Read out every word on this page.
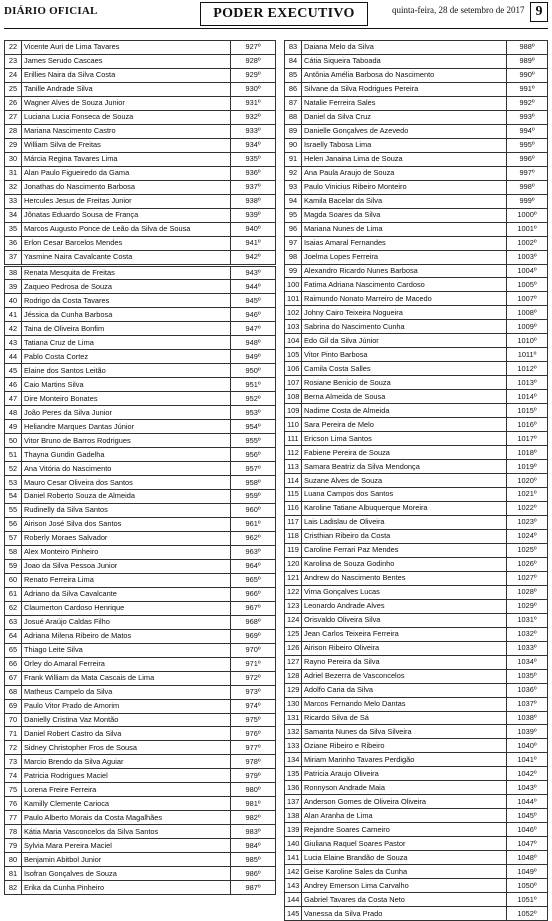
DIÁRIO OFICIAL	PODER EXECUTIVO	quinta-feira, 28 de setembro de 2017 9
22	Vicente Auri de Lima Tavares	927º
23	James Serudo Cascaes	928º
24	Erillies Naira da Silva Costa	929º
25	Tanille Andrade Silva	930º
26	Wagner Alves de Souza Junior	931º
27	Luciana Lucia Fonseca de Souza	932º
28	Mariana Nascimento Castro	933º
29	William Silva de Freitas	934º
30	Márcia Regina Tavares Lima	935º
31	Alan Paulo Figueiredo da Gama	936º
32	Jonathas do Nascimento Barbosa	937º
33	Hercules Jesus de Freitas Junior	938º
34	Jônatas Eduardo Sousa de França	939º
35	Marcos Augusto Ponce de Leão da Silva de Sousa	940º
36	Erlon Cesar Barcelos Mendes	941º
37	Yasmine Naira Cavalcante Costa	942º
38	Renata Mesquita de Freitas	943º
39	Zaqueo Pedrosa de Souza	944º
40	Rodrigo da Costa Tavares	945º
41	Jéssica da Cunha Barbosa	946º
42	Taina de Oliveira Bonfim	947º
43	Tatiana Cruz de Lima	948º
44	Pablo Costa Cortez	949º
45	Elaine dos Santos Leitão	950º
46	Caio Martins Silva	951º
47	Dire Monteiro Bonates	952º
48	João Peres da Silva Junior	953º
49	Heliandre Marques Dantas Júnior	954º
50	Vitor Bruno de Barros Rodrigues	955º
51	Thayna Gundin Gadelha	956º
52	Ana Vitória do Nascimento	957º
53	Mauro Cesar Oliveira dos Santos	958º
54	Daniel Roberto Souza de Almeida	959º
55	Rudinelly da Silva Santos	960º
56	Airison José Silva dos Santos	961º
57	Roberly Moraes Salvador	962º
58	Alex Monteiro Pinheiro	963º
59	Joao da Silva Pessoa Junior	964º
60	Renato Ferreira Lima	965º
61	Adriano da Silva Cavalcante	966º
62	Claumerton Cardoso Henrique	967º
63	Josué Araújo Caldas Filho	968º
64	Adriana Milena Ribeiro de Matos	969º
65	Thiago Leite Silva	970º
66	Orley do Amaral Ferreira	971º
67	Frank William da Mata Cascais de Lima	972º
68	Matheus Campelo da Silva	973º
69	Paulo Vitor Prado de Amorim	974º
70	Danielly Cristina Vaz Montão	975º
71	Daniel Robert Castro da Silva	976º
72	Sidney Christopher Fros de Sousa	977º
73	Marcio Brendo da Silva Aguiar	978º
74	Patricia Rodrigues Maciel	979º
75	Lorena Freire Ferreira	980º
76	Kamilly Clemente Carioca	981º
77	Paulo Alberto Morais da Costa Magalhães	982º
78	Kátia Maria Vasconcelos da Silva Santos	983º
79	Sylvia Mara Pereira Maciel	984º
80	Benjamin Abitbol Junior	985º
81	Isofran Gonçalves de Souza	986º
82	Erika da Cunha Pinheiro	987º
83	Daiana Melo da Silva	988º
84	Cátia Siqueira Taboada	989º
85	Antônia Amélia Barbosa do Nascimento	990º
86	Silvane da Silva Rodrigues Pereira	991º
87	Natalie Ferreira Sales	992º
88	Daniel da Silva Cruz	993º
89	Danielle Gonçalves de Azevedo	994º
90	Israelly Tabosa Lima	995º
91	Helen Janaina Lima de Souza	996º
92	Ana Paula Araujo de Souza	997º
93	Paulo Vinicius Ribeiro Monteiro	998º
94	Kamila Bacelar da Silva	999º
95	Magda Soares da Silva	1000º
96	Mariana Nunes de Lima	1001º
97	Isaias Amaral Fernandes	1002º
98	Joelma Lopes Ferreira	1003º
99	Alexandro Ricardo Nunes Barbosa	1004º
100	Fatima Adriana Nascimento Cardoso	1005º
101	Raimundo Nonato Marreiro de Macedo	1007º
102	Johny Cairo Teixeira Nogueira	1008º
103	Sabrina do Nascimento Cunha	1009º
104	Edo Gil da Silva Júnior	1010º
105	Vitor Pinto Barbosa	1011º
106	Camila Costa Salles	1012º
107	Rosiane Benicio de Souza	1013º
108	Berna Almeida de Sousa	1014º
109	Nadime Costa de Almeida	1015º
110	Sara Pereira de Melo	1016º
111	Ericson Lima Santos	1017º
112	Fabiene Pereira de Souza	1018º
113	Samara Beatriz da Silva Mendonça	1019º
114	Suzane Alves de Souza	1020º
115	Luana Campos dos Santos	1021º
116	Karoline Tatiane Albuquerque Moreira	1022º
117	Lais Ladislau de Oliveira	1023º
118	Cristhian Ribeiro da Costa	1024º
119	Caroline Ferrari Paz Mendes	1025º
120	Karolina de Souza Godinho	1026º
121	Andrew do Nascimento Bentes	1027º
122	Virna Gonçalves Lucas	1028º
123	Leonardo Andrade Alves	1029º
124	Orisvaldo Oliveira Silva	1031º
125	Jean Carlos Teixeira Ferreira	1032º
126	Airison Ribeiro Oliveira	1033º
127	Rayno Pereira da Silva	1034º
128	Adriel Bezerra de Vasconcelos	1035º
129	Adolfo Caria da Silva	1036º
130	Marcos Fernando Melo Dantas	1037º
131	Ricardo Silva de Sá	1038º
132	Samanta Nunes da Silva Silveira	1039º
133	Oziane Ribeiro e Ribeiro	1040º
134	Miriam Marinho Tavares Perdigão	1041º
135	Patricia Araujo Oliveira	1042º
136	Ronnyson Andrade Maia	1043º
137	Anderson Gomes de Oliveira Oliveira	1044º
138	Alan Aranha de Lima	1045º
139	Rejandre Soares Carneiro	1046º
140	Giuliana Raquel Soares Pastor	1047º
141	Lucia Elaine Brandão de Souza	1048º
142	Geise Karoline Sales da Cunha	1049º
143	Andrey Emerson Lima Carvalho	1050º
144	Gabriel Tavares da Costa Neto	1051º
145	Vanessa da Silva Prado	1052º
